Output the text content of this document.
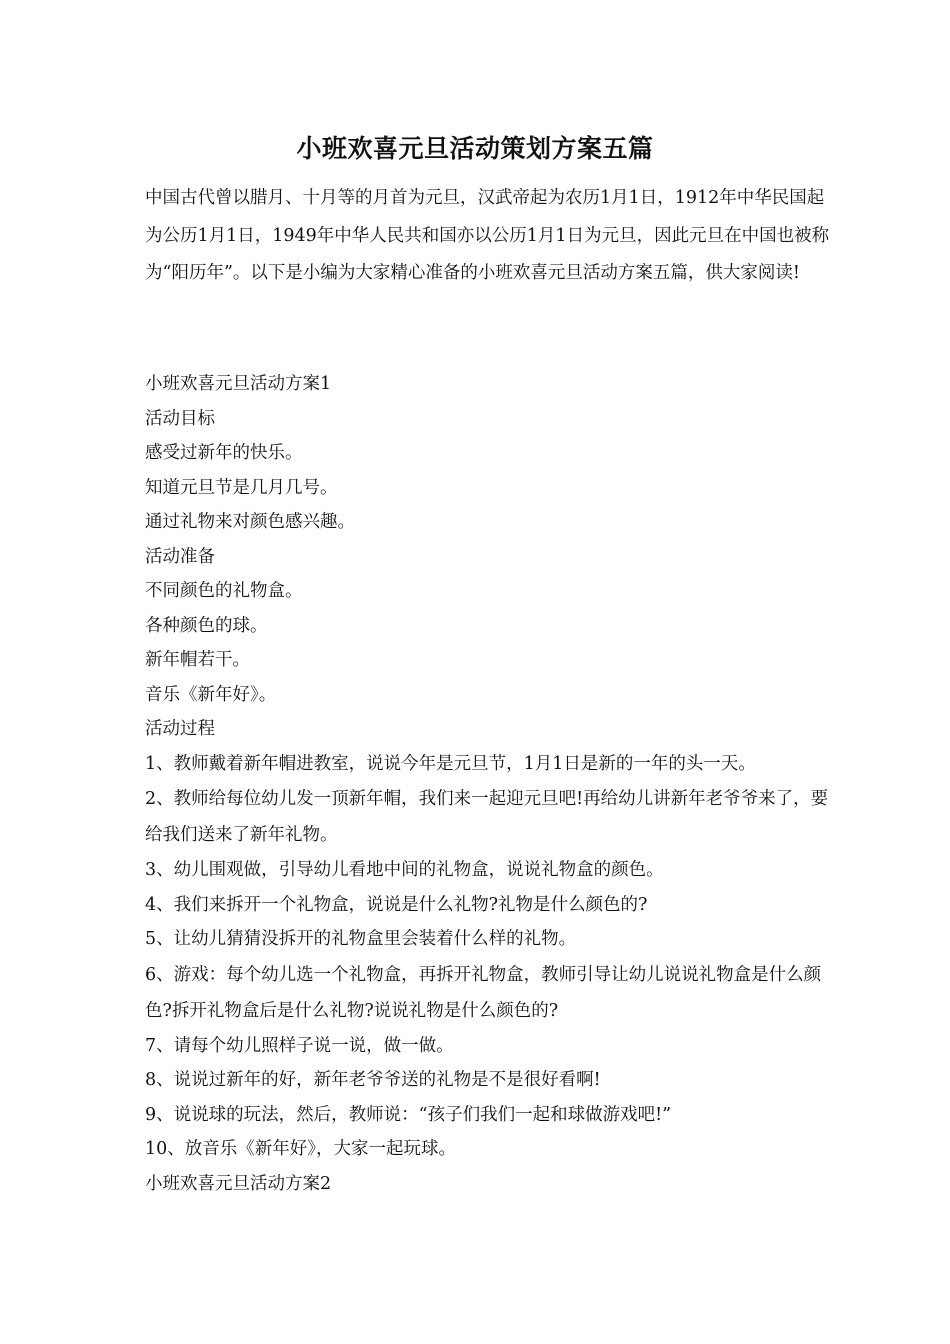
小班欢喜元旦活动策划方案五篇

中国古代曾以腊月、十月等的月首为元旦，汉武帝起为农历1月1日，1912年中华民国起为公历1月1日，1949年中华人民共和国亦以公历1月1日为元旦，因此元旦在中国也被称为“阳历年”。以下是小编为大家精心准备的小班欢喜元旦活动方案五篇，供大家阅读!

小班欢喜元旦活动方案1
活动目标
感受过新年的快乐。
知道元旦节是几月几号。
通过礼物来对颜色感兴趣。
活动准备
不同颜色的礼物盒。
各种颜色的球。
新年帽若干。
音乐《新年好》。
活动过程
1、教师戴着新年帽进教室，说说今年是元旦节，1月1日是新的一年的头一天。
2、教师给每位幼儿发一顶新年帽，我们来一起迎元旦吧!再给幼儿讲新年老爷爷来了，要给我们送来了新年礼物。
3、幼儿围观做，引导幼儿看地中间的礼物盒，说说礼物盒的颜色。
4、我们来拆开一个礼物盒，说说是什么礼物?礼物是什么颜色的?
5、让幼儿猜猜没拆开的礼物盒里会装着什么样的礼物。
6、游戏：每个幼儿选一个礼物盒，再拆开礼物盒，教师引导让幼儿说说礼物盒是什么颜色?拆开礼物盒后是什么礼物?说说礼物是什么颜色的?
7、请每个幼儿照样子说一说，做一做。
8、说说过新年的好，新年老爷爷送的礼物是不是很好看啊!
9、说说球的玩法，然后，教师说：“孩子们我们一起和球做游戏吧!”
10、放音乐《新年好》，大家一起玩球。
小班欢喜元旦活动方案2
